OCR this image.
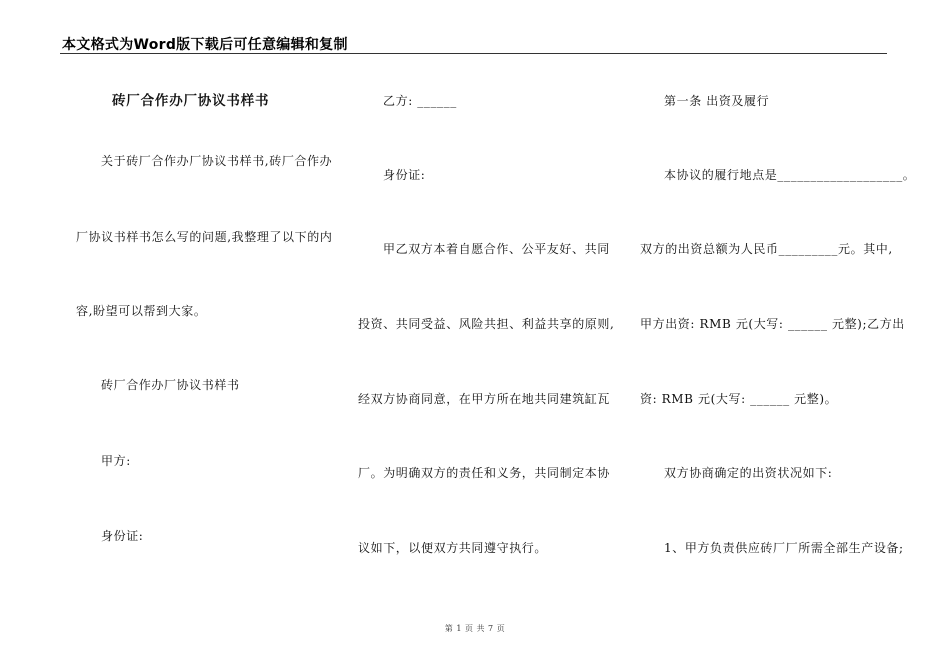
本文格式为Word版下载后可任意编辑和复制
砖厂合作办厂协议书样书
关于砖厂合作办厂协议书样书,砖厂合作办
厂协议书样书怎么写的问题,我整理了以下的内
容,盼望可以帮到大家。
砖厂合作办厂协议书样书
甲方:
身份证:
乙方: ______
身份证:
甲乙双方本着自愿合作、公平友好、共同
投资、共同受益、风险共担、利益共享的原则,
经双方协商同意，在甲方所在地共同建筑缸瓦
厂。为明确双方的责任和义务，共同制定本协
议如下，以便双方共同遵守执行。
第一条 出资及履行
本协议的履行地点是___________________。
双方的出资总额为人民币_________元。其中,
甲方出资: RMB 元(大写: ______ 元整);乙方出
资: RMB 元(大写: ______ 元整)。
双方协商确定的出资状况如下:
1、甲方负责供应砖厂厂所需全部生产设备;
第 1 页 共 7 页
